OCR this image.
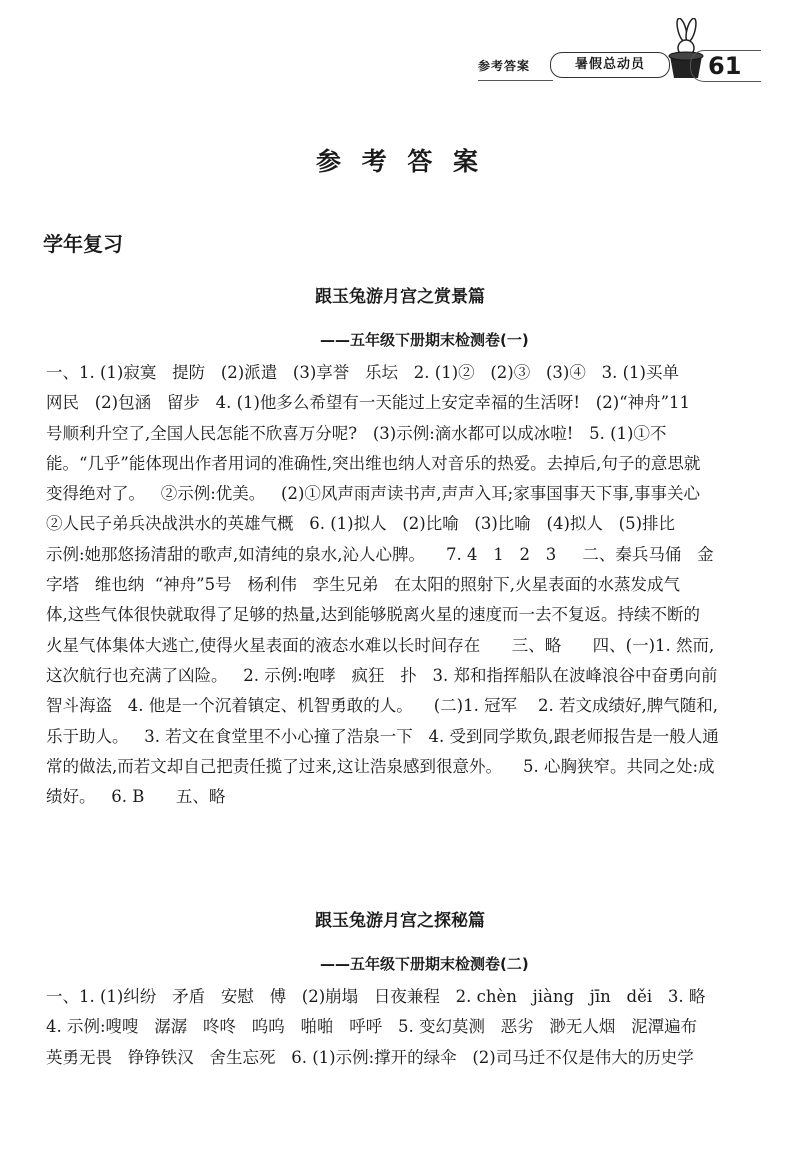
参考答案	暑假总动员	61
参 考 答 案
学年复习
跟玉兔游月宫之赏景篇
——五年级下册期末检测卷(一)
一、1. (1)寂寞   提防   (2)派遣   (3)享誉   乐坛   2. (1)②   (2)③   (3)④   3. (1)买单
网民   (2)包涵   留步   4. (1)他多么希望有一天能过上安定幸福的生活呀!   (2)“神舟”11
号顺利升空了,全国人民怎能不欣喜万分呢?   (3)示例:滴水都可以成冰啦!   5. (1)①不
能。“几乎”能体现出作者用词的准确性,突出维也纳人对音乐的热爱。去掉后,句子的意思就
变得绝对了。   ②示例:优美。   (2)①风声雨声读书声,声声入耳;家事国事天下事,事事关心
②人民子弟兵决战洪水的英雄气概   6. (1)拟人   (2)比喻   (3)比喻   (4)拟人   (5)排比
示例:她那悠扬清甜的歌声,如清纯的泉水,沁人心脾。    7. 4   1   2   3     二、秦兵马俑   金
字塔   维也纳  “神舟”5号   杨利伟   孪生兄弟   在太阳的照射下,火星表面的水蒸发成气
体,这些气体很快就取得了足够的热量,达到能够脱离火星的速度而一去不复返。持续不断的
火星气体集体大逃亡,使得火星表面的液态水难以长时间存在      三、略      四、(一)1. 然而,
这次航行也充满了凶险。   2. 示例:咆哮   疯狂   扑   3. 郑和指挥船队在波峰浪谷中奋勇向前
智斗海盗   4. 他是一个沉着镇定、机智勇敢的人。    (二)1. 冠军    2. 若文成绩好,脾气随和,
乐于助人。   3. 若文在食堂里不小心撞了浩泉一下   4. 受到同学欺负,跟老师报告是一般人通
常的做法,而若文却自己把责任揽了过来,这让浩泉感到很意外。    5. 心胸狭窄。共同之处:成
绩好。   6. B      五、略
跟玉兔游月宫之探秘篇
——五年级下册期末检测卷(二)
一、1. (1)纠纷   矛盾   安慰   傅   (2)崩塌   日夜兼程   2. chèn   jiàng   jīn   děi   3. 略
4. 示例:嗖嗖   潺潺   咚咚   呜呜   啪啪   呼呼   5. 变幻莫测   恶劣   渺无人烟   泥潭遍布
英勇无畏   铮铮铁汉   舍生忘死   6. (1)示例:撑开的绿伞   (2)司马迁不仅是伟大的历史学
